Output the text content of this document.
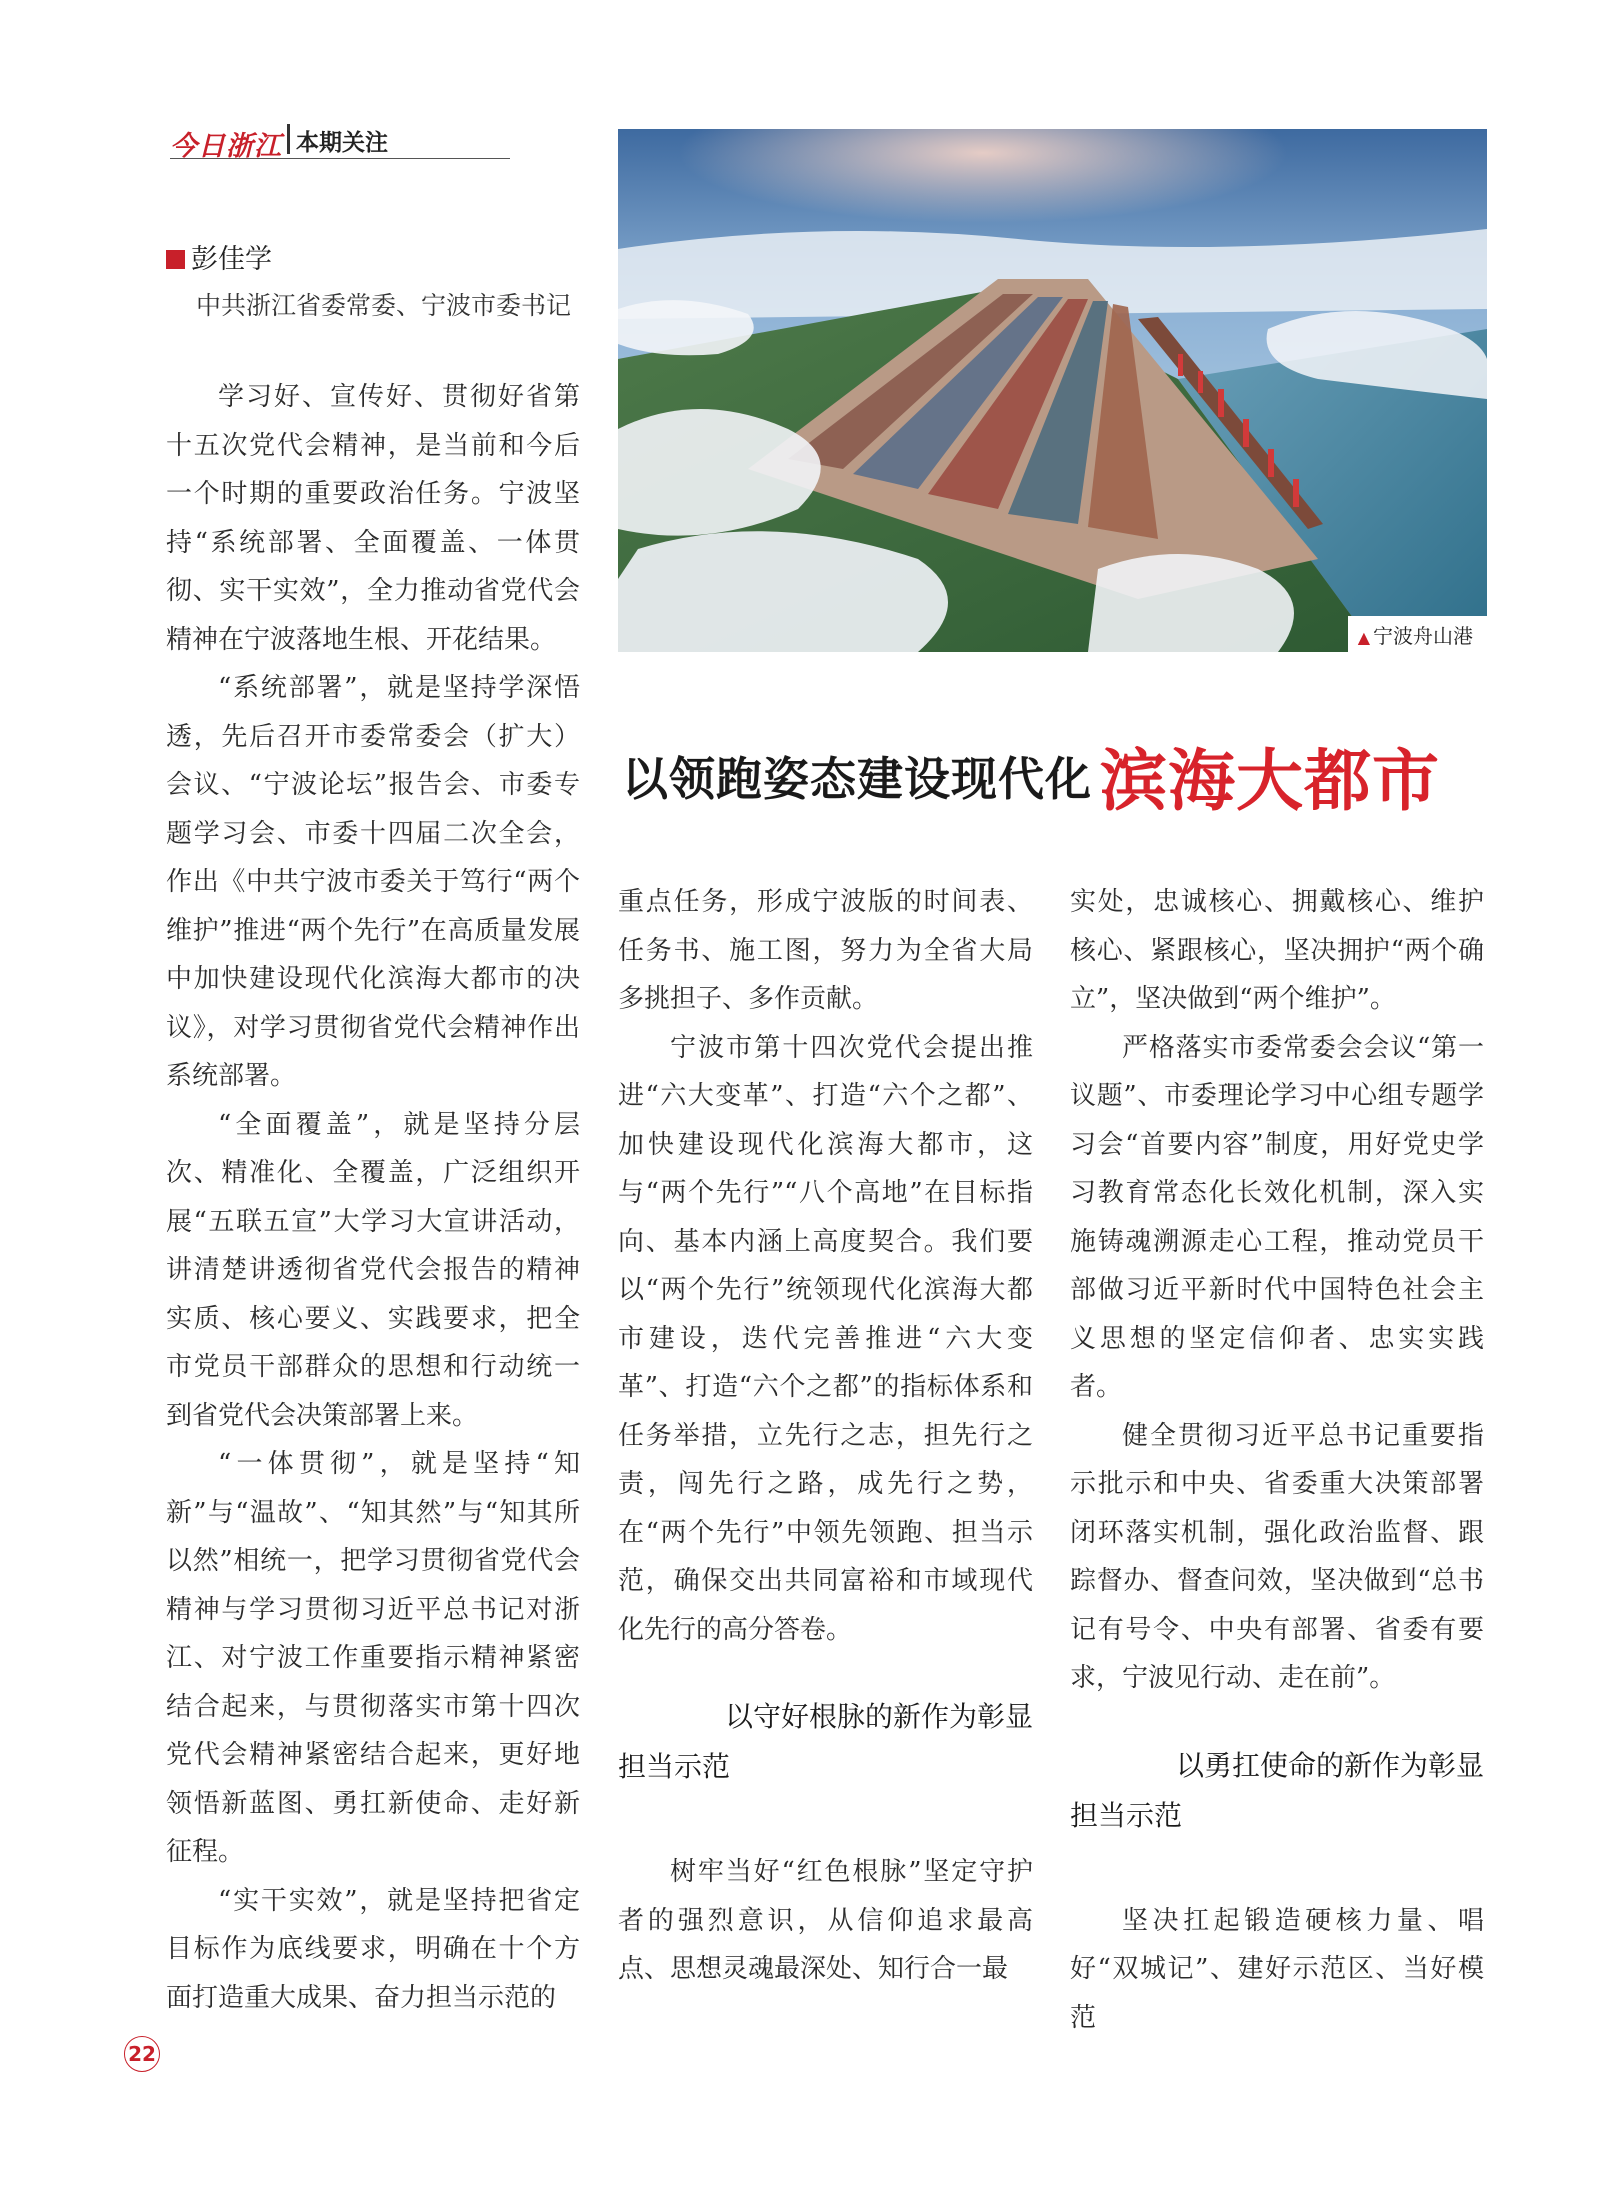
今日浙江 本期关注
彭佳学
中共浙江省委常委、宁波市委书记
▲ 宁波舟山港
以领跑姿态建设现代化 滨海大都市

学习好、宣传好、贯彻好省第十五次党代会精神，是当前和今后一个时期的重要政治任务。宁波坚持“系统部署、全面覆盖、一体贯彻、实干实效”，全力推动省党代会精神在宁波落地生根、开花结果。

“系统部署”，就是坚持学深悟透，先后召开市委常委会（扩大）会议、“宁波论坛”报告会、市委专题学习会、市委十四届二次全会，作出《中共宁波市委关于笃行“两个维护”推进“两个先行”在高质量发展中加快建设现代化滨海大都市的决议》，对学习贯彻省党代会精神作出系统部署。

“全面覆盖”，就是坚持分层次、精准化、全覆盖，广泛组织开展“五联五宣”大学习大宣讲活动，讲清楚讲透彻省党代会报告的精神实质、核心要义、实践要求，把全市党员干部群众的思想和行动统一到省党代会决策部署上来。

“一体贯彻”，就是坚持“知新”与“温故”、“知其然”与“知其所以然”相统一，把学习贯彻省党代会精神与学习贯彻习近平总书记对浙江、对宁波工作重要指示精神紧密结合起来，与贯彻落实市第十四次党代会精神紧密结合起来，更好地领悟新蓝图、勇扛新使命、走好新征程。

“实干实效”，就是坚持把省定目标作为底线要求，明确在十个方面打造重大成果、奋力担当示范的

重点任务，形成宁波版的时间表、任务书、施工图，努力为全省大局多挑担子、多作贡献。

宁波市第十四次党代会提出推进“六大变革”、打造“六个之都”、加快建设现代化滨海大都市，这与“两个先行”“八个高地”在目标指向、基本内涵上高度契合。我们要以“两个先行”统领现代化滨海大都市建设，迭代完善推进“六大变革”、打造“六个之都”的指标体系和任务举措，立先行之志，担先行之责，闯先行之路，成先行之势，在“两个先行”中领先领跑、担当示范，确保交出共同富裕和市域现代化先行的高分答卷。

以守好根脉的新作为彰显
担当示范

树牢当好“红色根脉”坚定守护者的强烈意识，从信仰追求最高点、思想灵魂最深处、知行合一最

实处，忠诚核心、拥戴核心、维护核心、紧跟核心，坚决拥护“两个确立”，坚决做到“两个维护”。

严格落实市委常委会会议“第一议题”、市委理论学习中心组专题学习会“首要内容”制度，用好党史学习教育常态化长效化机制，深入实施铸魂溯源走心工程，推动党员干部做习近平新时代中国特色社会主义思想的坚定信仰者、忠实实践者。

健全贯彻习近平总书记重要指示批示和中央、省委重大决策部署闭环落实机制，强化政治监督、跟踪督办、督查问效，坚决做到“总书记有号令、中央有部署、省委有要求，宁波见行动、走在前”。

以勇扛使命的新作为彰显
担当示范

坚决扛起锻造硬核力量、唱好“双城记”、建好示范区、当好模范

22
